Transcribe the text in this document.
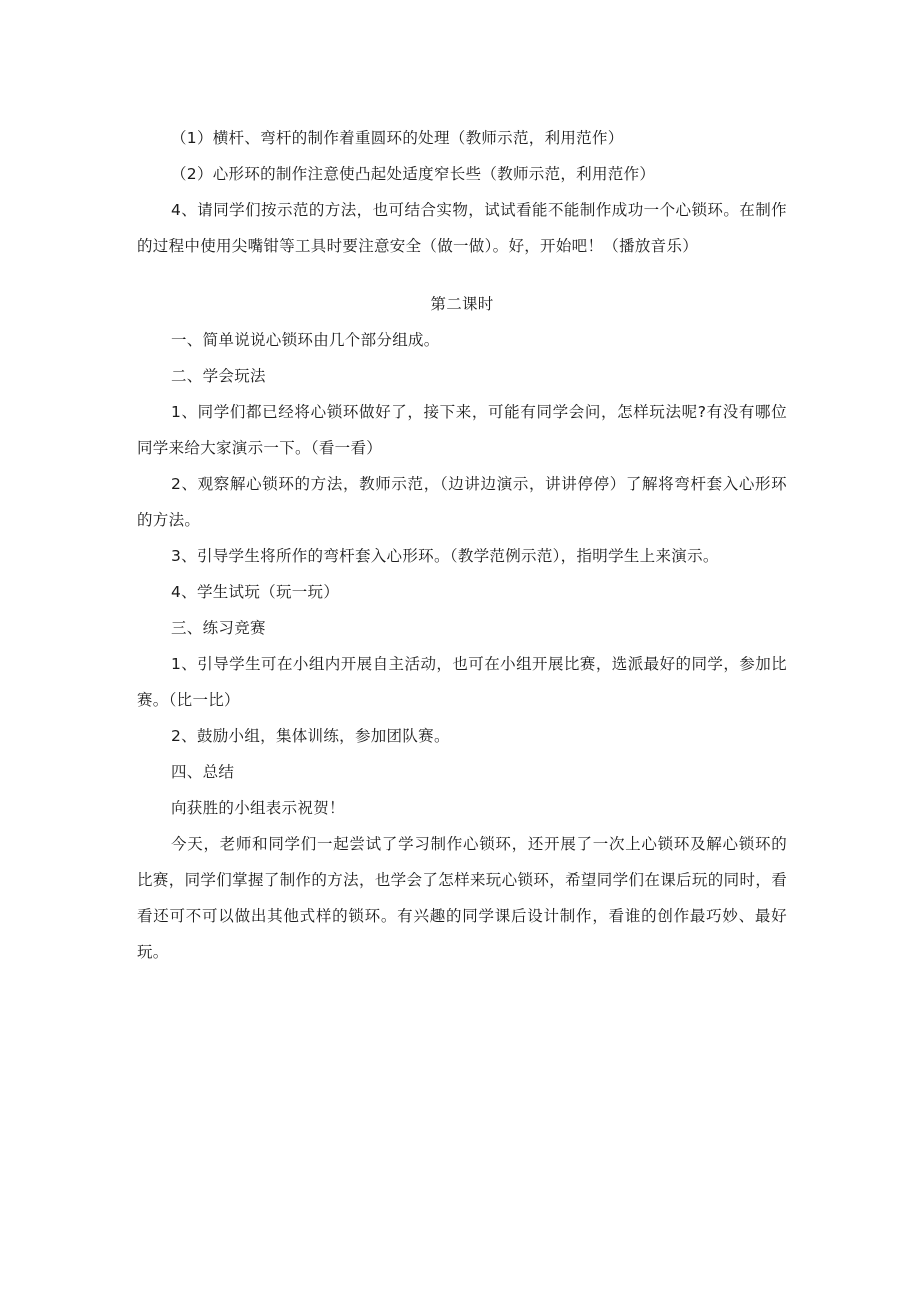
（1）横杆、弯杆的制作着重圆环的处理（教师示范，利用范作）

（2）心形环的制作注意使凸起处适度窄长些（教师示范，利用范作）

4、请同学们按示范的方法，也可结合实物，试试看能不能制作成功一个心锁环。在制作的过程中使用尖嘴钳等工具时要注意安全（做一做）。好，开始吧！（播放音乐）

第二课时

一、简单说说心锁环由几个部分组成。

二、学会玩法

1、同学们都已经将心锁环做好了，接下来，可能有同学会问，怎样玩法呢?有没有哪位同学来给大家演示一下。（看一看）

2、观察解心锁环的方法，教师示范，（边讲边演示，讲讲停停）了解将弯杆套入心形环的方法。

3、引导学生将所作的弯杆套入心形环。（教学范例示范），指明学生上来演示。

4、学生试玩（玩一玩）

三、练习竞赛

1、引导学生可在小组内开展自主活动，也可在小组开展比赛，选派最好的同学，参加比赛。（比一比）

2、鼓励小组，集体训练，参加团队赛。

四、总结

向获胜的小组表示祝贺！

今天，老师和同学们一起尝试了学习制作心锁环，还开展了一次上心锁环及解心锁环的比赛，同学们掌握了制作的方法，也学会了怎样来玩心锁环，希望同学们在课后玩的同时，看看还可不可以做出其他式样的锁环。有兴趣的同学课后设计制作，看谁的创作最巧妙、最好玩。
